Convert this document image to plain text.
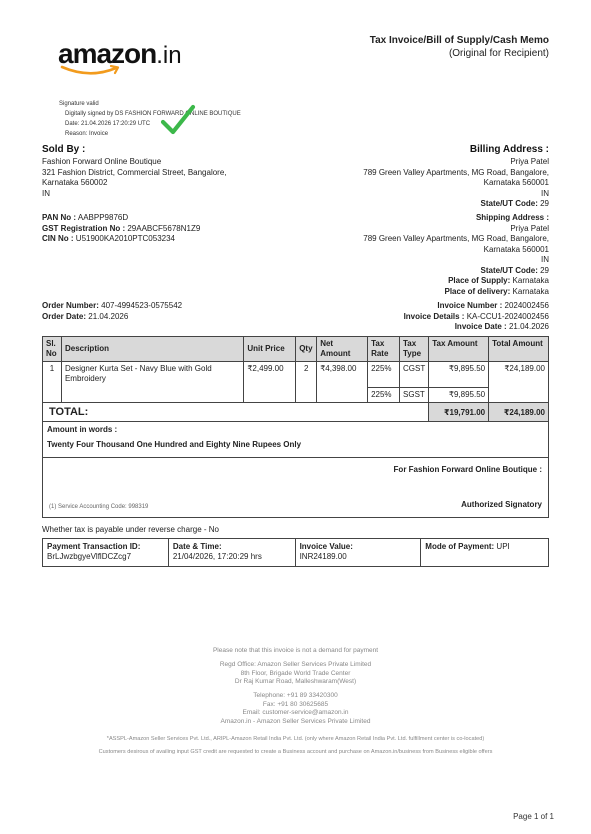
amazon.in
Tax Invoice/Bill of Supply/Cash Memo
(Original for Recipient)
Signature valid
Digitally signed by DS FASHION FORWARD ONLINE BOUTIQUE
Date: 21.04.2026 17:20:29 UTC
Reason: Invoice
Sold By :
Fashion Forward Online Boutique
321 Fashion District, Commercial Street, Bangalore,
Karnataka 560002
IN
PAN No : AABPP9876D
GST Registration No : 29AABCF5678N1Z9
CIN No : U51900KA2010PTC053234
Billing Address :
Priya Patel
789 Green Valley Apartments, MG Road, Bangalore,
Karnataka 560001
IN
State/UT Code: 29
Shipping Address :
Priya Patel
789 Green Valley Apartments, MG Road, Bangalore,
Karnataka 560001
IN
State/UT Code: 29
Place of Supply: Karnataka
Place of delivery: Karnataka
Order Number: 407-4994523-0575542
Order Date: 21.04.2026
Invoice Number : 2024002456
Invoice Details : KA-CCU1-2024002456
Invoice Date : 21.04.2026
Sl. No	Description	Unit Price	Qty	Net Amount	Tax Rate	Tax Type	Tax Amount	Total Amount
1	Designer Kurta Set - Navy Blue with Gold Embroidery	₹2,499.00	2	₹4,398.00	225%	CGST	₹9,895.50	₹24,189.00
					225%	SGST	₹9,895.50	
TOTAL:							₹19,791.00	₹24,189.00

Amount in words :
Twenty Four Thousand One Hundred and Eighty Nine Rupees Only								

For Fashion Forward Online Boutique :
(1) Service Accounting Code: 998319 Authorized Signatory								
Whether tax is payable under reverse charge - No
Payment Transaction ID:
BrLJwzbgyeVlflDCZcg7

Date & Time:
21/04/2026, 17:20:29 hrs

Invoice Value:
INR24189.00
	Mode of Payment: UPI
Please note that this invoice is not a demand for payment
Regd Office: Amazon Seller Services Private Limited
8th Floor, Brigade World Trade Center
Dr Raj Kumar Road, Malleshwaram(West)
Telephone: +91 89 33420300
Fax: +91 80 30625685
Email: customer-service@amazon.in
Amazon.in - Amazon Seller Services Private Limited
*ASSPL-Amazon Seller Services Pvt. Ltd., ARIPL-Amazon Retail India Pvt. Ltd. (only where Amazon Retail India Pvt. Ltd. fulfillment center is co-located)
Customers desirous of availing input GST credit are requested to create a Business account and purchase on Amazon.in/business from Business eligible offers
Page 1 of 1
